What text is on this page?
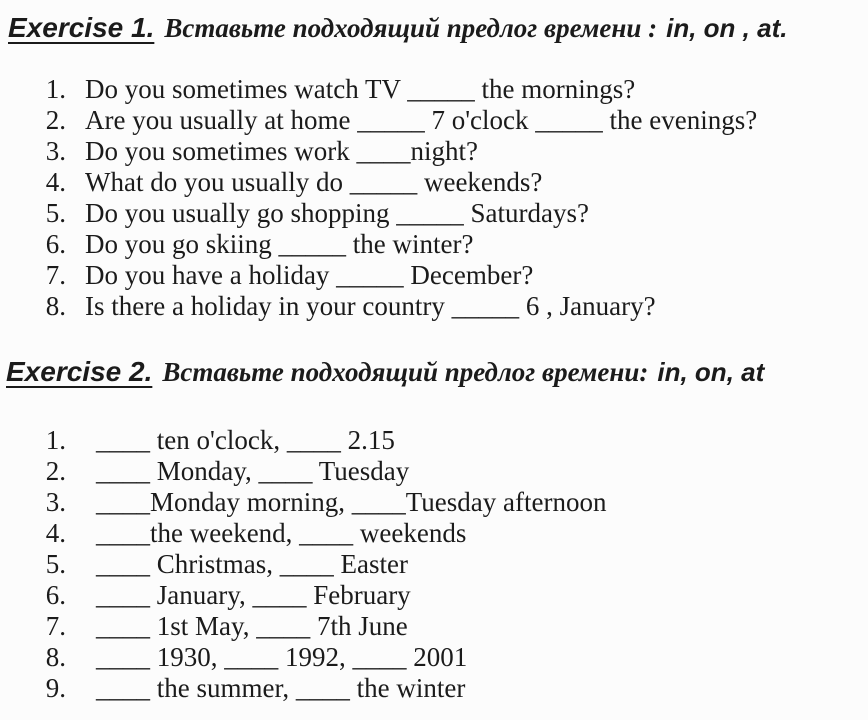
Exercise 1. Вставьте подходящий предлог времени : in, on , at.
1. Do you sometimes watch TV _____ the mornings?
2. Are you usually at home _____ 7 o'clock _____ the evenings?
3. Do you sometimes work ____night?
4. What do you usually do _____ weekends?
5. Do you usually go shopping _____ Saturdays?
6. Do you go skiing _____ the winter?
7. Do you have a holiday _____ December?
8. Is there a holiday in your country _____ 6 , January?
Exercise 2. Вставьте подходящий предлог времени: in, on, at
1. ____ ten o'clock, ____ 2.15
2. ____ Monday, ____ Tuesday
3. ____Monday morning, ____Tuesday afternoon
4. ____the weekend, ____ weekends
5. ____ Christmas, ____ Easter
6. ____ January, ____ February
7. ____ 1st May, ____ 7th June
8. ____ 1930, ____ 1992, ____ 2001
9. ____ the summer, ____ the winter
